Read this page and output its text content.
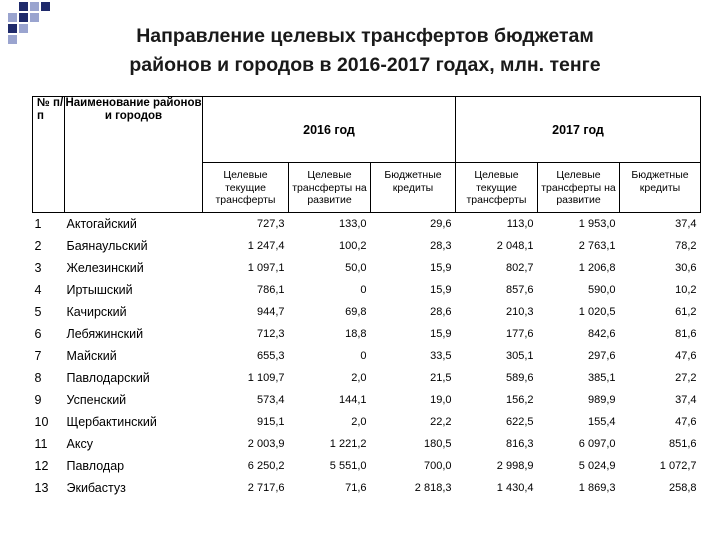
Направление целевых трансфертов бюджетам
районов и городов в 2016-2017 годах, млн. тенге
№ п/п	Наименование районов и городов	2016 год			2017 год		
		Целевые текущие трансферты	Целевые трансферты на развитие	Бюджетные кредиты	Целевые текущие трансферты	Целевые трансферты на развитие	Бюджетные кредиты
1	Актогайский	727,3	133,0	29,6	113,0	1 953,0	37,4
2	Баянаульский	1 247,4	100,2	28,3	2 048,1	2 763,1	78,2
3	Железинский	1 097,1	50,0	15,9	802,7	1 206,8	30,6
4	Иртышский	786,1	0	15,9	857,6	590,0	10,2
5	Качирский	944,7	69,8	28,6	210,3	1 020,5	61,2
6	Лебяжинский	712,3	18,8	15,9	177,6	842,6	81,6
7	Майский	655,3	0	33,5	305,1	297,6	47,6
8	Павлодарский	1 109,7	2,0	21,5	589,6	385,1	27,2
9	Успенский	573,4	144,1	19,0	156,2	989,9	37,4
10	Щербактинский	915,1	2,0	22,2	622,5	155,4	47,6
11	Аксу	2 003,9	1 221,2	180,5	816,3	6 097,0	851,6
12	Павлодар	6 250,2	5 551,0	700,0	2 998,9	5 024,9	1 072,7
13	Экибастуз	2 717,6	71,6	2 818,3	1 430,4	1 869,3	258,8
